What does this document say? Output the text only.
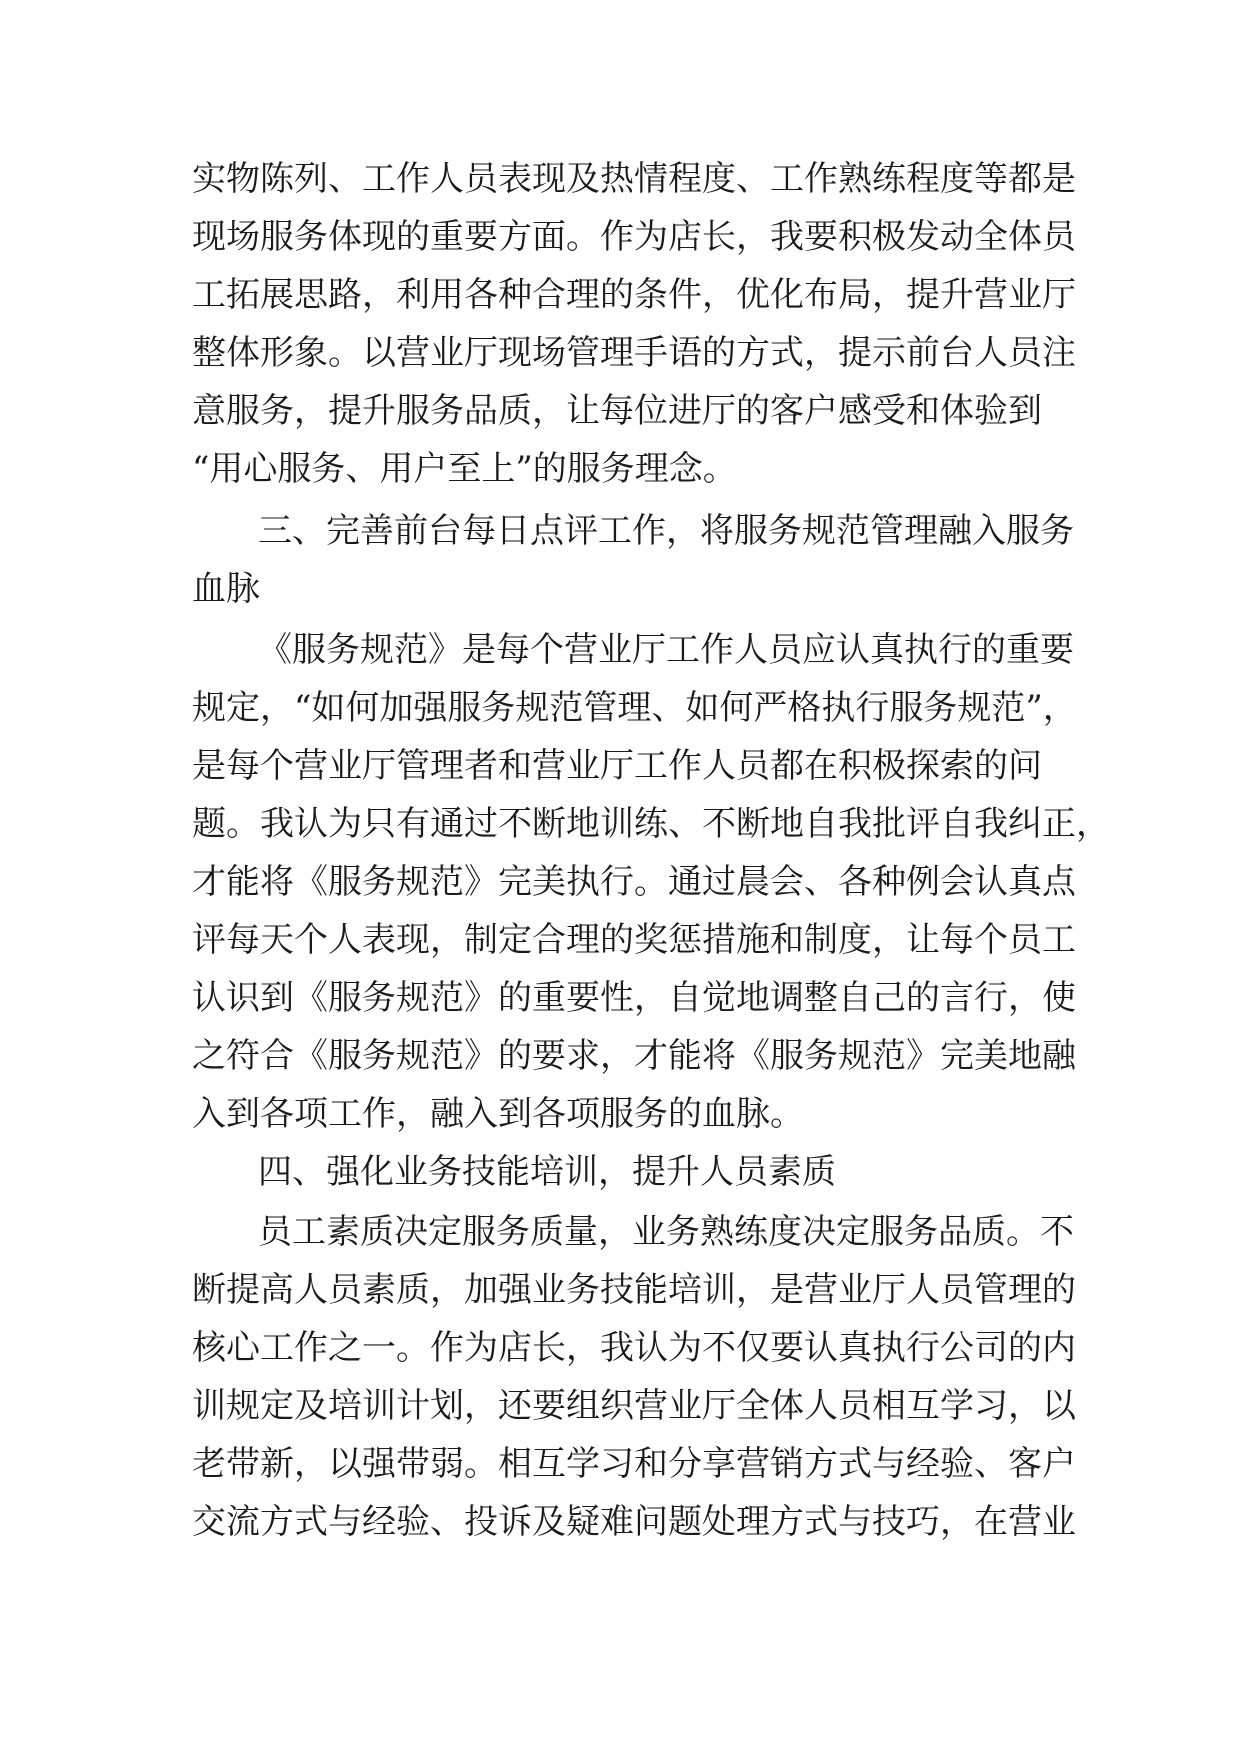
实物陈列、工作人员表现及热情程度、工作熟练程度等都是
现场服务体现的重要方面。作为店长，我要积极发动全体员
工拓展思路，利用各种合理的条件，优化布局，提升营业厅
整体形象。以营业厅现场管理手语的方式，提示前台人员注
意服务，提升服务品质，让每位进厅的客户感受和体验到
“用心服务、用户至上”的服务理念。
三、完善前台每日点评工作，将服务规范管理融入服务
血脉
《服务规范》是每个营业厅工作人员应认真执行的重要
规定，“如何加强服务规范管理、如何严格执行服务规范”，
是每个营业厅管理者和营业厅工作人员都在积极探索的问
题。我认为只有通过不断地训练、不断地自我批评自我纠正，
才能将《服务规范》完美执行。通过晨会、各种例会认真点
评每天个人表现，制定合理的奖惩措施和制度，让每个员工
认识到《服务规范》的重要性，自觉地调整自己的言行，使
之符合《服务规范》的要求，才能将《服务规范》完美地融
入到各项工作，融入到各项服务的血脉。
四、强化业务技能培训，提升人员素质
员工素质决定服务质量，业务熟练度决定服务品质。不
断提高人员素质，加强业务技能培训，是营业厅人员管理的
核心工作之一。作为店长，我认为不仅要认真执行公司的内
训规定及培训计划，还要组织营业厅全体人员相互学习，以
老带新，以强带弱。相互学习和分享营销方式与经验、客户
交流方式与经验、投诉及疑难问题处理方式与技巧，在营业
